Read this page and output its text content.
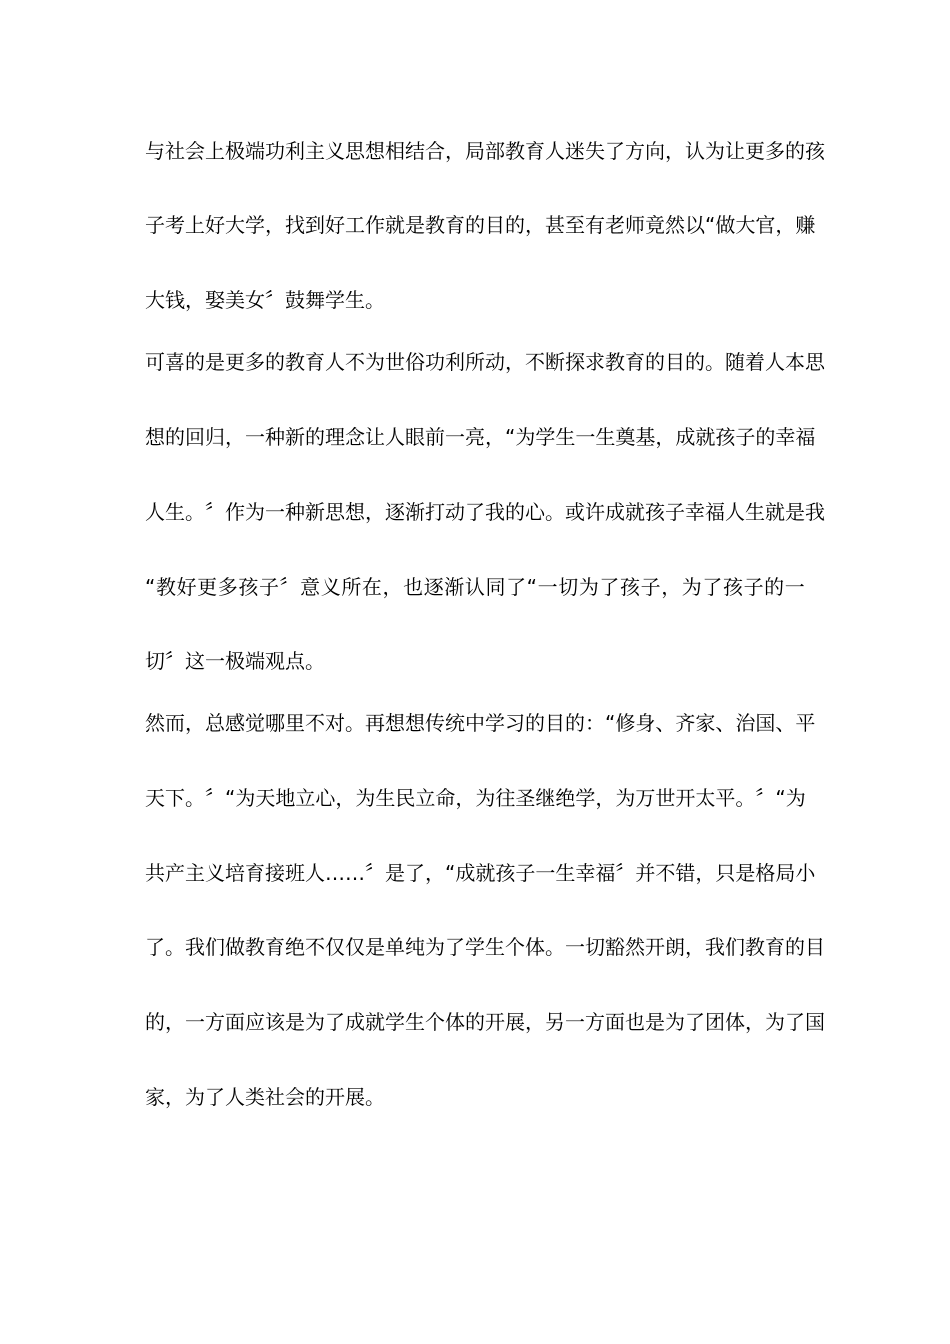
与 社 会 上 极 端 功 利 主 义 思 想 相 结 合 ， 局 部 教 育 人 迷 失 了 方 向 ， 认 为 让 更 多 的 孩
子 考 上 好 大 学 ， 找 到 好 工 作 就 是 教 育 的 目 的 ， 甚 至 有 老 师 竟 然 以 “ 做 大 官 ， 赚
大钱，娶美女〞鼓舞学生。
可 喜 的 是 更 多 的 教 育 人 不 为 世 俗 功 利 所 动 ， 不 断 探 求 教 育 的 目 的 。 随 着 人 本 思
想 的 回 归 ， 一 种 新 的 理 念 让 人 眼 前 一 亮 ， “ 为 学 生 一 生 奠 基 ， 成 就 孩 子 的 幸 福
人 生 。 〞 作 为 一 种 新 思 想 ， 逐 渐 打 动 了 我 的 心 。 或 许 成 就 孩 子 幸 福 人 生 就 是 我
“ 教 好 更 多 孩 子 〞 意 义 所 在 ， 也 逐 渐 认 同 了 “ 一 切 为 了 孩 子 ， 为 了 孩 子 的 一
切〞这一极端观点。
然 而 ， 总 感 觉 哪 里 不 对 。 再 想 想 传 统 中 学 习 的 目 的 ： “ 修 身 、 齐 家 、 治 国 、 平
天 下 。 〞 “ 为 天 地 立 心 ， 为 生 民 立 命 ， 为 往 圣 继 绝 学 ， 为 万 世 开 太 平 。 〞 “ 为
共 产 主 义 培 育 接 班 人 … … 〞 是 了 ， “ 成 就 孩 子 一 生 幸 福 〞 并 不 错 ， 只 是 格 局 小
了 。 我 们 做 教 育 绝 不 仅 仅 是 单 纯 为 了 学 生 个 体 。 一 切 豁 然 开 朗 ， 我 们 教 育 的 目
的 ， 一 方 面 应 该 是 为 了 成 就 学 生 个 体 的 开 展 ， 另 一 方 面 也 是 为 了 团 体 ， 为 了 国
家，为了人类社会的开展。
